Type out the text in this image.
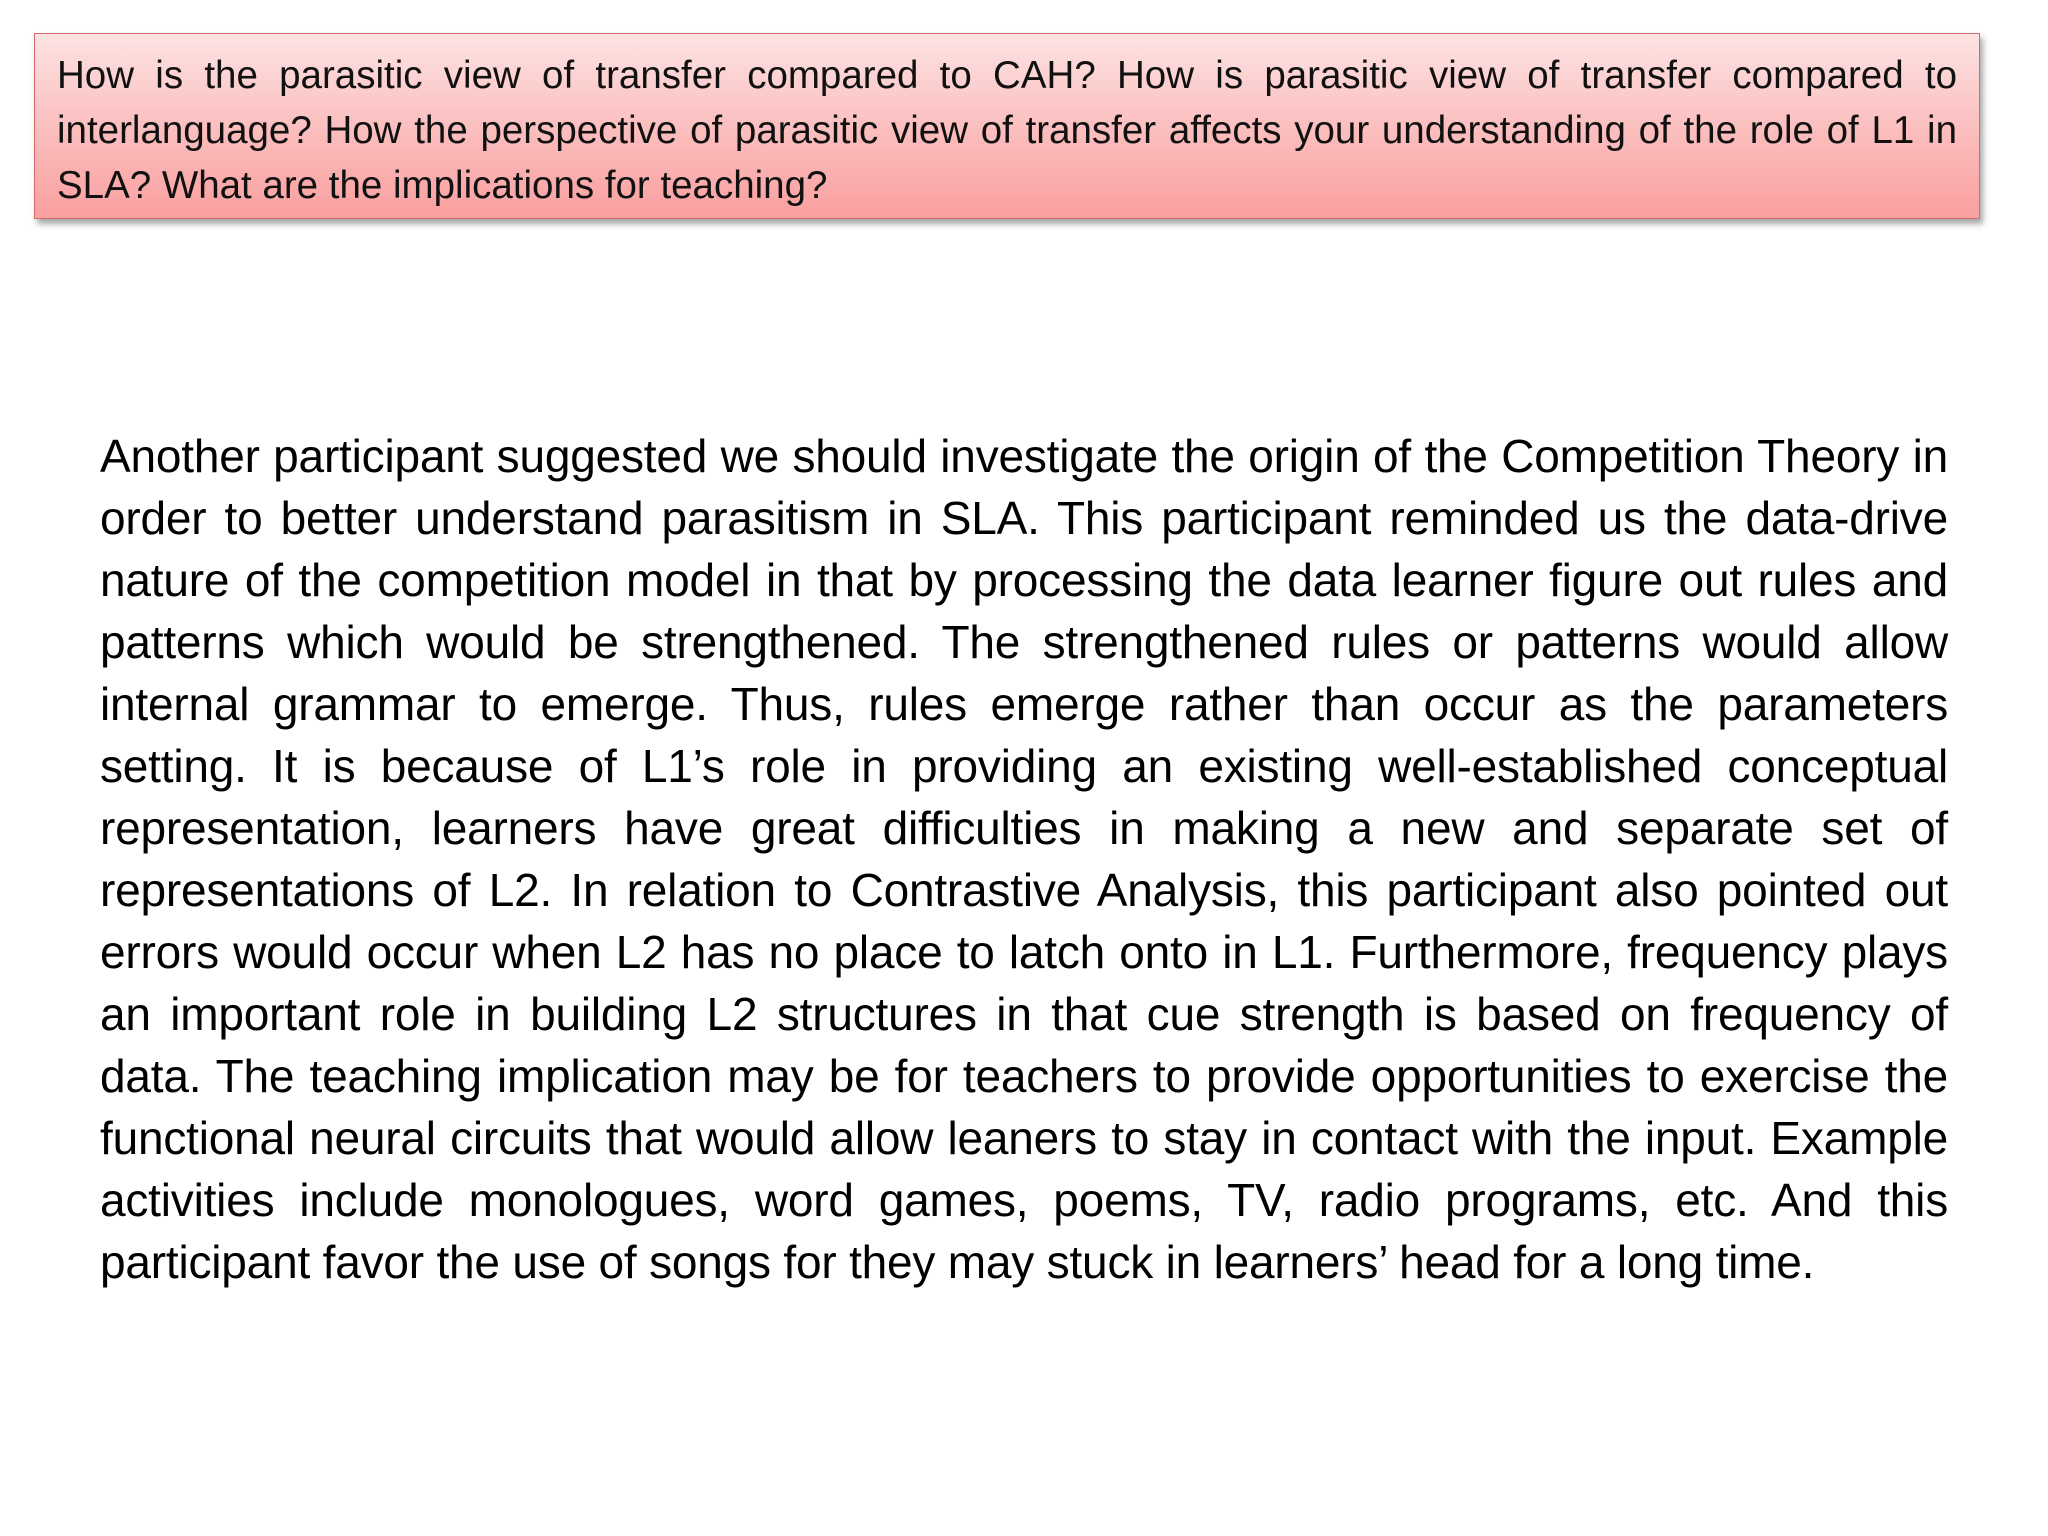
How is the parasitic view of transfer compared to CAH? How is parasitic view of transfer compared to interlanguage? How the perspective of parasitic view of transfer affects your understanding of the role of L1 in SLA? What are the implications for teaching?
Another participant suggested we should investigate the origin of the Competition Theory in order to better understand parasitism in SLA. This participant reminded us the data-drive nature of the competition model in that by processing the data learner figure out rules and patterns which would be strengthened. The strengthened rules or patterns would allow internal grammar to emerge. Thus, rules emerge rather than occur as the parameters setting. It is because of L1’s role in providing an existing well-established conceptual representation, learners have great difficulties in making a new and separate set of representations of L2. In relation to Contrastive Analysis, this participant also pointed out errors would occur when L2 has no place to latch onto in L1. Furthermore, frequency plays an important role in building L2 structures in that cue strength is based on frequency of data. The teaching implication may be for teachers to provide opportunities to exercise the functional neural circuits that would allow leaners to stay in contact with the input. Example activities include monologues, word games, poems, TV, radio programs, etc. And this participant favor the use of songs for they may stuck in learners’ head for a long time.
